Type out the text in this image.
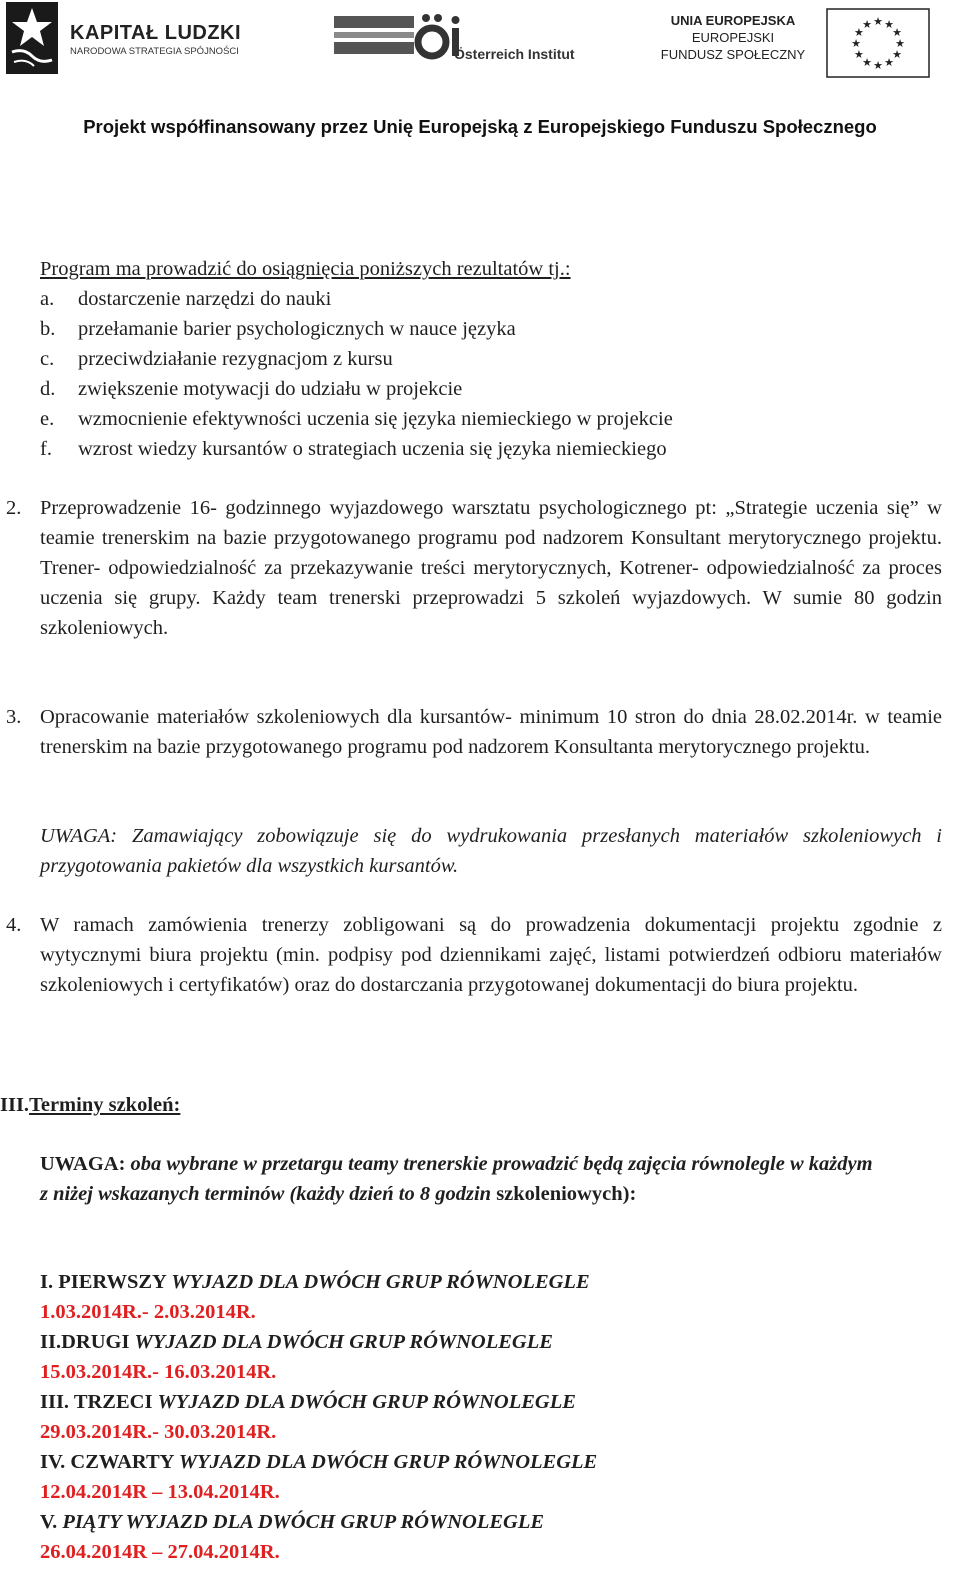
KAPITAŁ LUDZKI
NARODOWA STRATEGIA SPÓJNOŚCI	Österreich Institut
UNIA EUROPEJSKA
EUROPEJSKI
FUNDUSZ SPOŁECZNY
★ ★
★
★
★
★
★
★
★
★
★
★
Projekt współfinansowany przez Unię Europejską z Europejskiego Funduszu Społecznego
Program ma prowadzić do osiągnięcia poniższych rezultatów tj.:
a. dostarczenie narzędzi do nauki
b. przełamanie barier psychologicznych w nauce języka
c. przeciwdziałanie rezygnacjom z kursu
d. zwiększenie motywacji do udziału w projekcie
e. wzmocnienie efektywności uczenia się języka niemieckiego w projekcie
f. wzrost wiedzy kursantów o strategiach uczenia się języka niemieckiego
2. Przeprowadzenie 16- godzinnego wyjazdowego warsztatu psychologicznego pt: „Strategie uczenia się” w teamie trenerskim na bazie przygotowanego programu pod nadzorem Konsultant merytorycznego projektu. Trener- odpowiedzialność za przekazywanie treści merytorycznych, Kotrener- odpowiedzialność za proces uczenia się grupy. Każdy team trenerski przeprowadzi 5 szkoleń wyjazdowych. W sumie 80 godzin szkoleniowych.

3. Opracowanie materiałów szkoleniowych dla kursantów- minimum 10 stron do dnia 28.02.2014r. w teamie trenerskim na bazie przygotowanego programu pod nadzorem Konsultanta merytorycznego projektu.

UWAGA: Zamawiający zobowiązuje się do wydrukowania przesłanych materiałów szkoleniowych i przygotowania pakietów dla wszystkich kursantów.

4. W ramach zamówienia trenerzy zobligowani są do prowadzenia dokumentacji projektu zgodnie z wytycznymi biura projektu (min. podpisy pod dziennikami zajęć, listami potwierdzeń odbioru materiałów szkoleniowych i certyfikatów) oraz do dostarczania przygotowanej dokumentacji do biura projektu.

III.Terminy szkoleń:

UWAGA: oba wybrane w przetargu teamy trenerskie prowadzić będą zajęcia równolegle w każdym z niżej wskazanych terminów (każdy dzień to 8 godzin szkoleniowych):

I. PIERWSZY WYJAZD DLA DWÓCH GRUP RÓWNOLEGLE
1.03.2014R.- 2.03.2014R.
II.DRUGI WYJAZD DLA DWÓCH GRUP RÓWNOLEGLE
15.03.2014R.- 16.03.2014R.
III. TRZECI WYJAZD DLA DWÓCH GRUP RÓWNOLEGLE
29.03.2014R.- 30.03.2014R.
IV. CZWARTY WYJAZD DLA DWÓCH GRUP RÓWNOLEGLE
12.04.2014R – 13.04.2014R.
V. PIĄTY WYJAZD DLA DWÓCH GRUP RÓWNOLEGLE
26.04.2014R – 27.04.2014R.
